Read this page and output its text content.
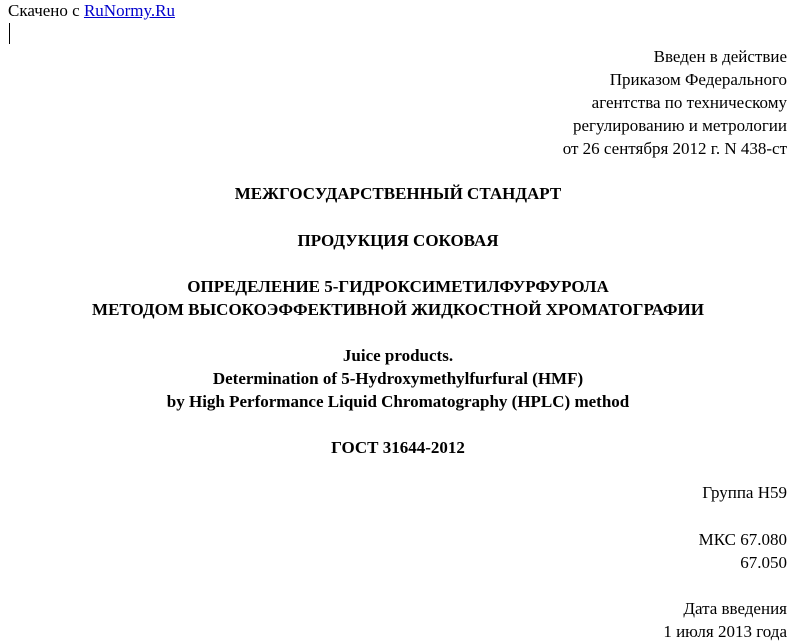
Скачено с RuNormy.Ru
Введен в действие
Приказом Федерального
агентства по техническому
регулированию и метрологии
от 26 сентября 2012 г. N 438-ст
МЕЖГОСУДАРСТВЕННЫЙ СТАНДАРТ
ПРОДУКЦИЯ СОКОВАЯ
ОПРЕДЕЛЕНИЕ 5-ГИДРОКСИМЕТИЛФУРФУРОЛА
МЕТОДОМ ВЫСОКОЭФФЕКТИВНОЙ ЖИДКОСТНОЙ ХРОМАТОГРАФИИ
Juice products.
Determination of 5-Hydroxymethylfurfural (HMF)
by High Performance Liquid Chromatography (HPLC) method
ГОСТ 31644-2012
Группа Н59
МКС 67.080
67.050
Дата введения
1 июля 2013 года
